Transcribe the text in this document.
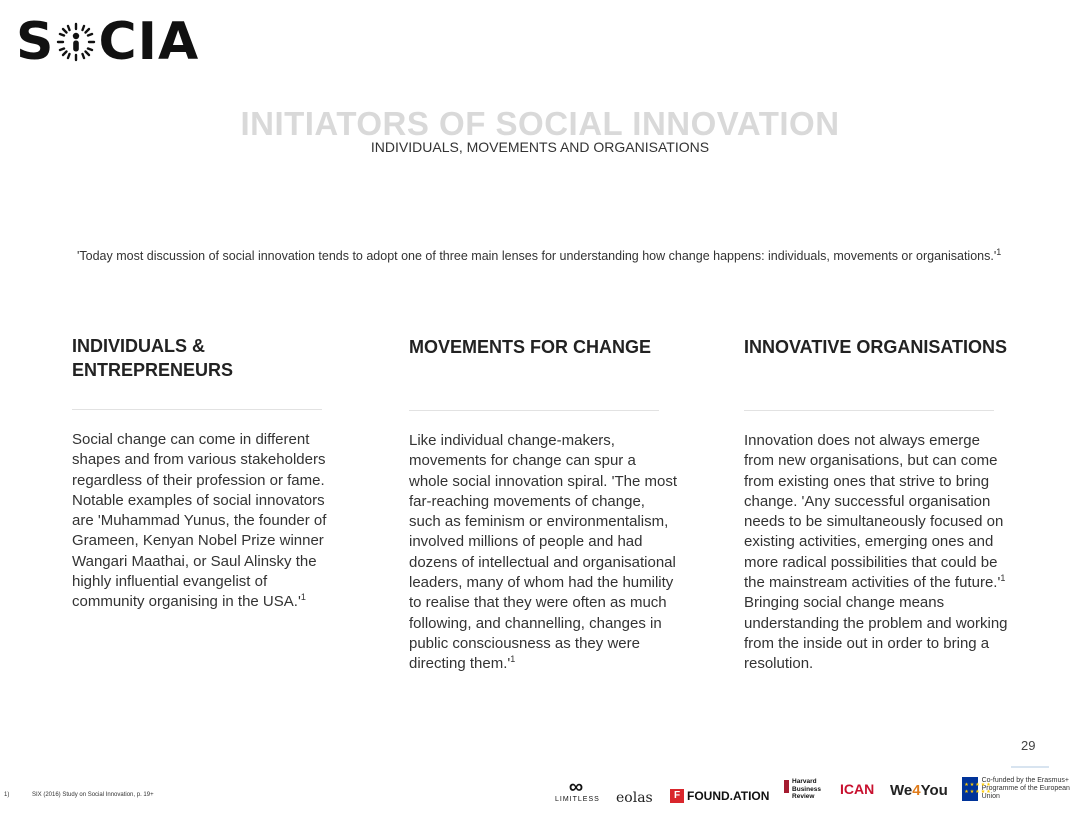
S CIA
INITIATORS OF SOCIAL INNOVATION
INDIVIDUALS, MOVEMENTS AND ORGANISATIONS
'Today most discussion of social innovation tends to adopt one of three main lenses for understanding how change happens: individuals, movements or $organisations.'^1$
INDIVIDUALS & ENTREPRENEURS
Social change can come in different shapes and from various stakeholders regardless of their profession or fame. Notable examples of social innovators are 'Muhammad Yunus, the founder of Grameen, Kenyan Nobel Prize winner Wangari Maathai, or Saul Alinsky the highly influential evangelist of community organising in the $USA.'^1$
MOVEMENTS FOR CHANGE
Like individual change-makers, movements for change can spur a whole social innovation spiral. 'The most far-reaching movements of change, such as feminism or environmentalism, involved millions of people and had dozens of intellectual and organisational leaders, many of whom had the humility to realise that they were often as much following, and channelling, changes in public consciousness as they were directing $them.'^1$
INNOVATIVE ORGANISATIONS
Innovation does not always emerge from new organisations, but can come from existing ones that strive to bring change. 'Any successful organisation needs to be simultaneously focused on existing activities, emerging ones and more radical possibilities that could be the mainstream activities of the $future.'^1$ Bringing social change means understanding the problem and working from the inside out in order to bring a resolution.
29
1)	SIX (2016) Study on Social Innovation, p. 19+	∞
LIMITLESS eolas	F FOUND.ATION
Harvard Business Review	ICAN We4You	★★★★★ ★★★★★
Co-funded by the Erasmus+ Programme of the European Union
